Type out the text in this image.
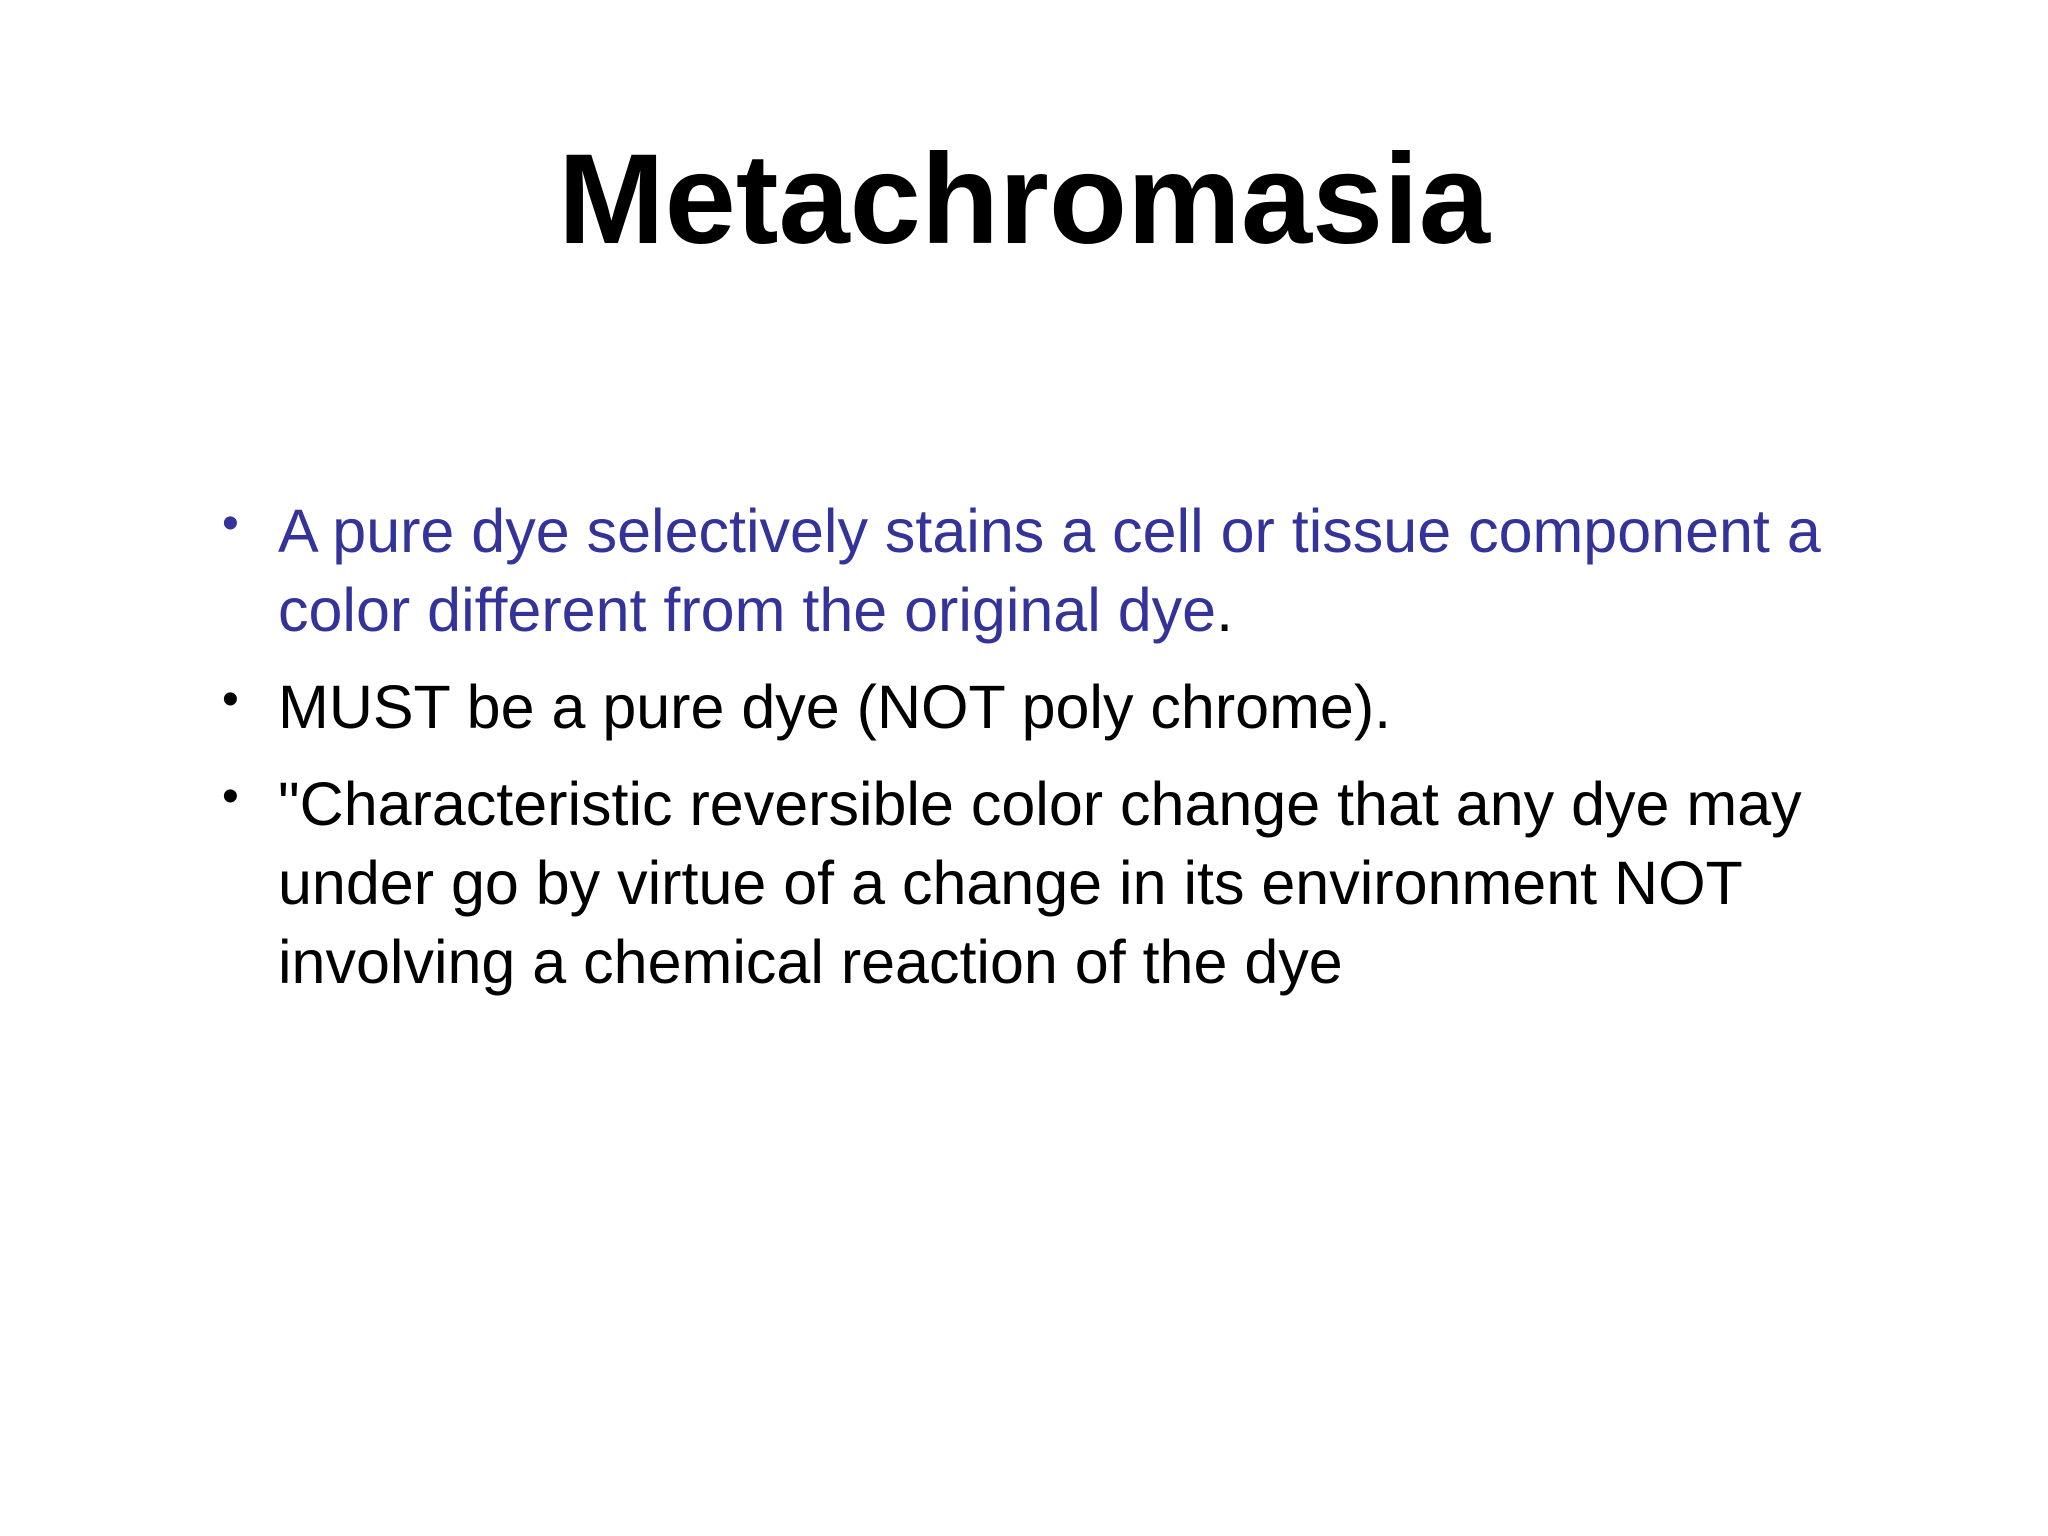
Metachromasia
• A pure dye selectively stains a cell or tissue component a color different from the original dye.
• MUST be a pure dye (NOT poly chrome).
• "Characteristic reversible color change that any dye may under go by virtue of a change in its environment NOT involving a chemical reaction of the dye
